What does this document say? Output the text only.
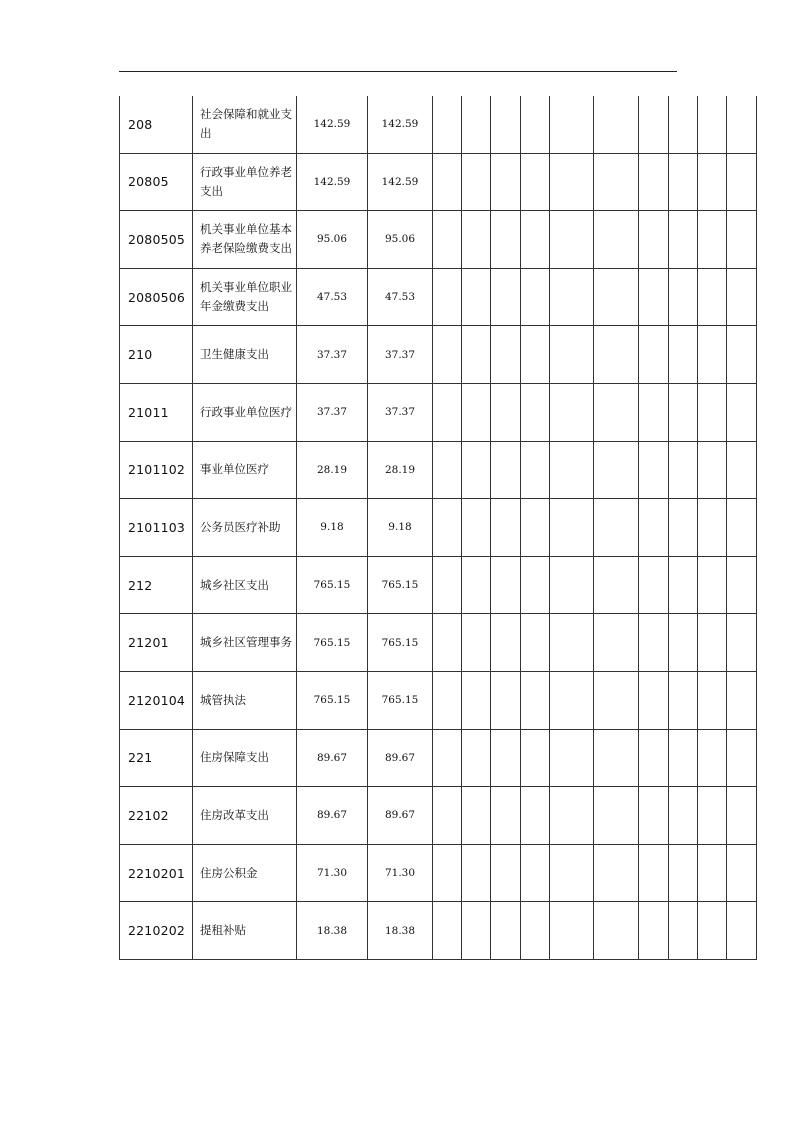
208	社会保障和就业支出	142.59	142.59										
20805	行政事业单位养老支出	142.59	142.59										
2080505	机关事业单位基本养老保险缴费支出	95.06	95.06										
2080506	机关事业单位职业年金缴费支出	47.53	47.53										
210	卫生健康支出	37.37	37.37										
21011	行政事业单位医疗	37.37	37.37										
2101102	事业单位医疗	28.19	28.19										
2101103	公务员医疗补助	9.18	9.18										
212	城乡社区支出	765.15	765.15										
21201	城乡社区管理事务	765.15	765.15										
2120104	城管执法	765.15	765.15										
221	住房保障支出	89.67	89.67										
22102	住房改革支出	89.67	89.67										
2210201	住房公积金	71.30	71.30										
2210202	提租补贴	18.38	18.38										
